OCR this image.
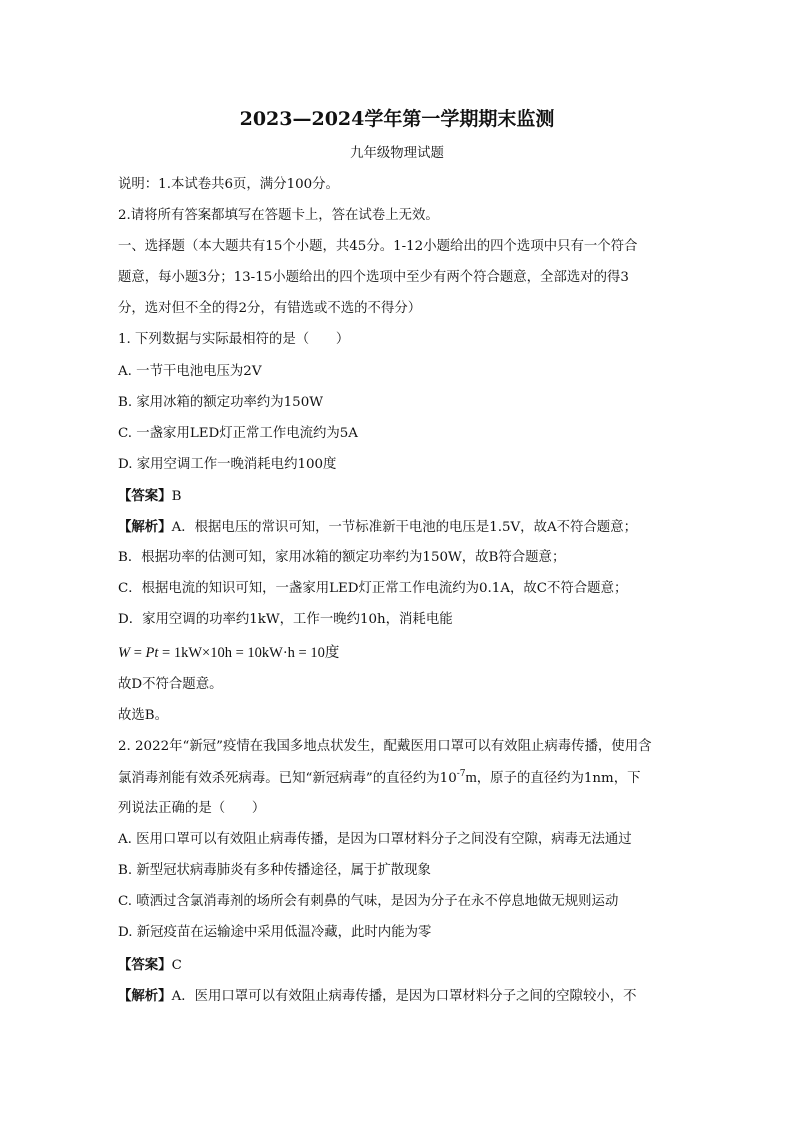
2023—2024学年第一学期期末监测
九年级物理试题
说明：1.本试卷共6页，满分100分。
2.请将所有答案都填写在答题卡上，答在试卷上无效。
一、选择题（本大题共有15个小题，共45分。1-12小题给出的四个选项中只有一个符合
题意，每小题3分；13-15小题给出的四个选项中至少有两个符合题意，全部选对的得3
分，选对但不全的得2分，有错选或不选的不得分）
1. 下列数据与实际最相符的是（　　）
A. 一节干电池电压为2V
B. 家用冰箱的额定功率约为150W
C. 一盏家用LED灯正常工作电流约为5A
D. 家用空调工作一晚消耗电约100度
【答案】B
【解析】A．根据电压的常识可知，一节标准新干电池的电压是1.5V，故A不符合题意；
B．根据功率的估测可知，家用冰箱的额定功率约为150W，故B符合题意；
C．根据电流的知识可知，一盏家用LED灯正常工作电流约为0.1A，故C不符合题意；
D．家用空调的功率约1kW，工作一晚约10h，消耗电能
W = Pt = 1kW×10h = 10kW·h = 10度
故D不符合题意。
故选B。
2. 2022年“新冠”疫情在我国多地点状发生，配戴医用口罩可以有效阻止病毒传播，使用含
氯消毒剂能有效杀死病毒。已知“新冠病毒”的直径约为$10^{-7}m$，原子的直径约为1nm，下
列说法正确的是（　　）
A. 医用口罩可以有效阻止病毒传播，是因为口罩材料分子之间没有空隙，病毒无法通过
B. 新型冠状病毒肺炎有多种传播途径，属于扩散现象
C. 喷洒过含氯消毒剂的场所会有刺鼻的气味，是因为分子在永不停息地做无规则运动
D. 新冠疫苗在运输途中采用低温冷藏，此时内能为零
【答案】C
【解析】A．医用口罩可以有效阻止病毒传播，是因为口罩材料分子之间的空隙较小，不
